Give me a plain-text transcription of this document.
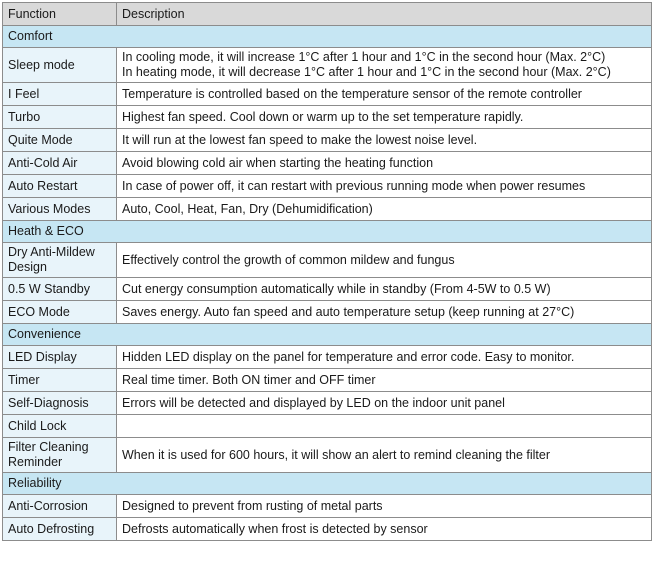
Function	Description
Comfort	
Sleep mode	In cooling mode, it will increase 1°C after 1 hour and 1°C in the second hour (Max. 2°C)
In heating mode, it will decrease 1°C after 1 hour and 1°C in the second hour (Max. 2°C)

I Feel	Temperature is controlled based on the temperature sensor of the remote controller

Turbo	Highest fan speed. Cool down or warm up to the set temperature rapidly.

Quite Mode	It will run at the lowest fan speed to make the lowest noise level.

Anti-Cold Air	Avoid blowing cold air when starting the heating function

Auto Restart	In case of power off, it can restart with previous running mode when power resumes

Various Modes	Auto, Cool, Heat, Fan, Dry (Dehumidification)

Heath & ECO	

Dry Anti-Mildew
Design	Effectively control the growth of common mildew and fungus

0.5 W Standby	Cut energy consumption automatically while in standby (From 4-5W to 0.5 W)

ECO Mode	Saves energy. Auto fan speed and auto temperature setup (keep running at 27°C)

Convenience	
LED Display	Hidden LED display on the panel for temperature and error code. Easy to monitor.

Timer	Real time timer. Both ON timer and OFF timer

Self-Diagnosis	Errors will be detected and displayed by LED on the indoor unit panel

Child Lock	

Filter Cleaning
Reminder	When it is used for 600 hours, it will show an alert to remind cleaning the filter

Reliability	
Anti-Corrosion	Designed to prevent from rusting of metal parts

Auto Defrosting	Defrosts automatically when frost is detected by sensor
